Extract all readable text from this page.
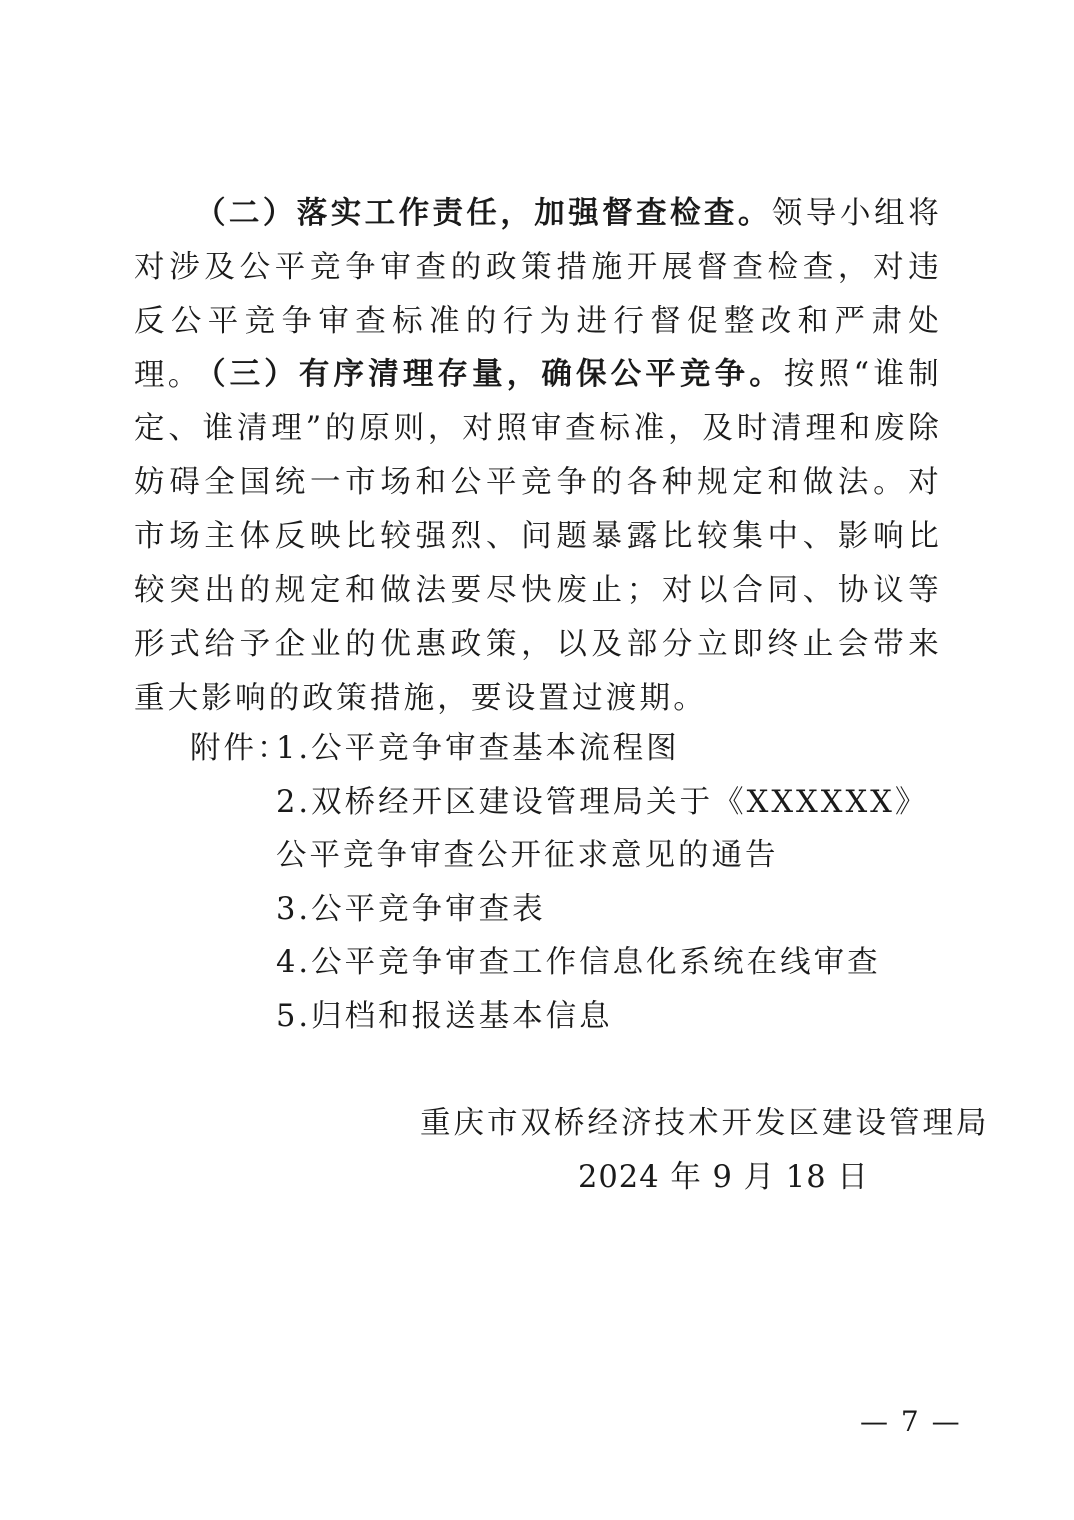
（二）落实工作责任，加强督查检查。领导小组将对涉及公平竞争审查的政策措施开展督查检查，对违反公平竞争审查标准的行为进行督促整改和严肃处理。

（三）有序清理存量，确保公平竞争。按照“谁制定、谁清理”的原则，对照审查标准，及时清理和废除妨碍全国统一市场和公平竞争的各种规定和做法。对市场主体反映比较强烈、问题暴露比较集中、影响比较突出的规定和做法要尽快废止；对以合同、协议等形式给予企业的优惠政策，以及部分立即终止会带来重大影响的政策措施，要设置过渡期。

附件：
1.公平竞争审查基本流程图
2.双桥经开区建设管理局关于《XXXXXX》公平竞争审查公开征求意见的通告
3.公平竞争审查表
4.公平竞争审查工作信息化系统在线审查
5.归档和报送基本信息
重庆市双桥经济技术开发区建设管理局
2024 年 9 月 18 日
— 7 —
